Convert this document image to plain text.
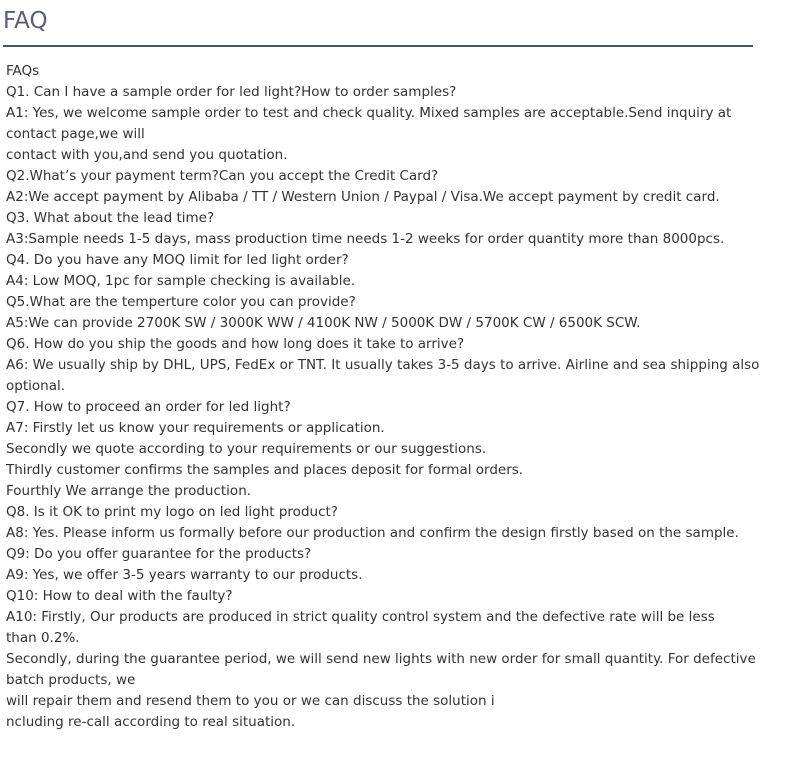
FAQ
FAQs
Q1. Can I have a sample order for led light?How to order samples?
A1: Yes, we welcome sample order to test and check quality. Mixed samples are acceptable.Send inquiry at
contact page,we will
contact with you,and send you quotation.
Q2.What’s your payment term?Can you accept the Credit Card?
A2:We accept payment by Alibaba / TT / Western Union / Paypal / Visa.We accept payment by credit card.
Q3. What about the lead time?
A3:Sample needs 1-5 days, mass production time needs 1-2 weeks for order quantity more than 8000pcs.
Q4. Do you have any MOQ limit for led light order?
A4: Low MOQ, 1pc for sample checking is available.
Q5.What are the temperture color you can provide?
A5:We can provide 2700K SW / 3000K WW / 4100K NW / 5000K DW / 5700K CW / 6500K SCW.
Q6. How do you ship the goods and how long does it take to arrive?
A6: We usually ship by DHL, UPS, FedEx or TNT. It usually takes 3-5 days to arrive. Airline and sea shipping also
optional.
Q7. How to proceed an order for led light?
A7: Firstly let us know your requirements or application.
Secondly we quote according to your requirements or our suggestions.
Thirdly customer confirms the samples and places deposit for formal orders.
Fourthly We arrange the production.
Q8. Is it OK to print my logo on led light product?
A8: Yes. Please inform us formally before our production and confirm the design firstly based on the sample.
Q9: Do you offer guarantee for the products?
A9: Yes, we offer 3-5 years warranty to our products.
Q10: How to deal with the faulty?
A10: Firstly, Our products are produced in strict quality control system and the defective rate will be less
than 0.2%.
Secondly, during the guarantee period, we will send new lights with new order for small quantity. For defective
batch products, we
will repair them and resend them to you or we can discuss the solution i
ncluding re-call according to real situation.
